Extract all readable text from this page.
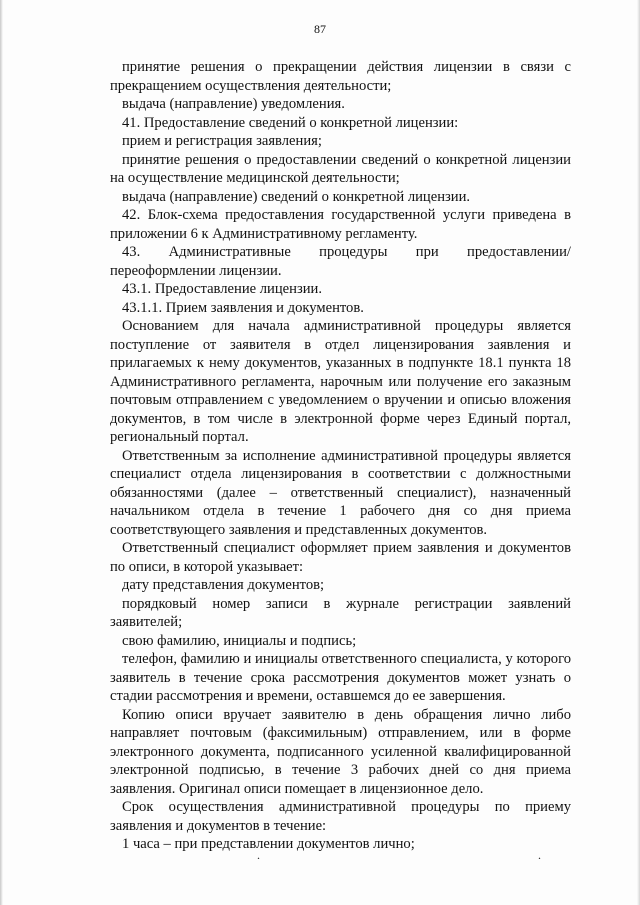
87

принятие решения о прекращении действия лицензии в связи с прекращением осуществления деятельности;

выдача (направление) уведомления.

41. Предоставление сведений о конкретной лицензии:

прием и регистрация заявления;

принятие решения о предоставлении сведений о конкретной лицензии на осуществление медицинской деятельности;

выдача (направление) сведений о конкретной лицензии.

42. Блок-схема предоставления государственной услуги приведена в приложении 6 к Административному регламенту.

43. Административные процедуры при предоставлении/ переоформлении лицензии.

43.1. Предоставление лицензии.

43.1.1. Прием заявления и документов.

Основанием для начала административной процедуры является поступление от заявителя в отдел лицензирования заявления и прилагаемых к нему документов, указанных в подпункте 18.1 пункта 18 Административного регламента, нарочным или получение его заказным почтовым отправлением с уведомлением о вручении и описью вложения документов, в том числе в электронной форме через Единый портал, региональный портал.

Ответственным за исполнение административной процедуры является специалист отдела лицензирования в соответствии с должностными обязанностями (далее – ответственный специалист), назначенный начальником отдела в течение 1 рабочего дня со дня приема соответствующего заявления и представленных документов.

Ответственный специалист оформляет прием заявления и документов по описи, в которой указывает:

дату представления документов;

порядковый номер записи в журнале регистрации заявлений заявителей;

свою фамилию, инициалы и подпись;

телефон, фамилию и инициалы ответственного специалиста, у которого заявитель в течение срока рассмотрения документов может узнать о стадии рассмотрения и времени, оставшемся до ее завершения.

Копию описи вручает заявителю в день обращения лично либо направляет почтовым (факсимильным) отправлением, или в форме электронного документа, подписанного усиленной квалифицированной электронной подписью, в течение 3 рабочих дней со дня приема заявления. Оригинал описи помещает в лицензионное дело.

Срок осуществления административной процедуры по приему заявления и документов в течение:

1 часа – при представлении документов лично;

.	.
